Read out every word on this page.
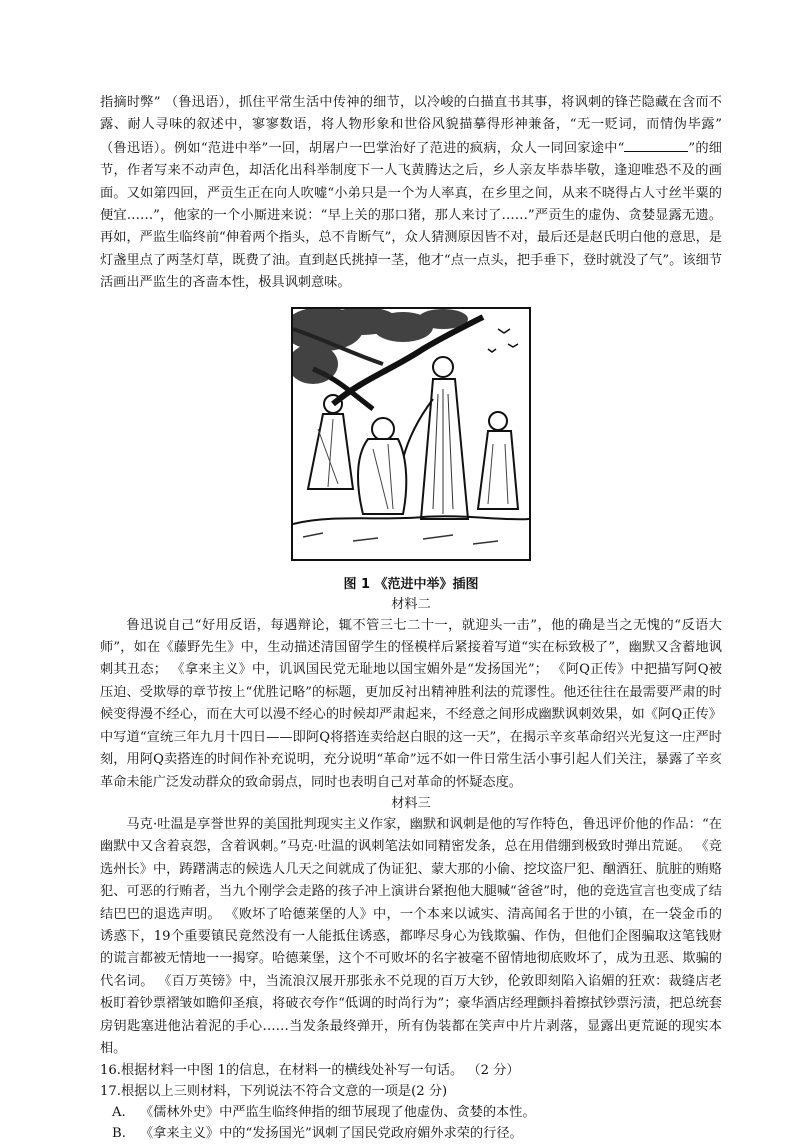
指摘时弊” （鲁迅语），抓住平常生活中传神的细节，以冷峻的白描直书其事，将讽刺的锋芒隐藏在含而不露、耐人寻味的叙述中，寥寥数语，将人物形象和世俗风貌描摹得形神兼备，“无一贬词，而情伪毕露” （鲁迅语）。例如“范进中举”一回，胡屠户一巴掌治好了范进的疯病，众人一同回家途中“	”的细节，作者写来不动声色，却活化出科举制度下一人飞黄腾达之后，乡人亲友毕恭毕敬，逢迎唯恐不及的画面。又如第四回，严贡生正在向人吹嘘“小弟只是一个为人率真，在乡里之间，从来不晓得占人寸丝半粟的便宜……”，他家的一个小厮进来说：“早上关的那口猪，那人来讨了……”严贡生的虚伪、贪婪显露无遗。再如，严监生临终前“伸着两个指头，总不肯断气”，众人猜测原因皆不对，最后还是赵氏明白他的意思，是灯盏里点了两茎灯草，既费了油。直到赵氏挑掉一茎，他才“点一点头，把手垂下，登时就没了气”。该细节活画出严监生的吝啬本性，极具讽刺意味。

图 1 《范进中举》插图
材料二

鲁迅说自己“好用反语，每遇辩论，辄不管三七二十一，就迎头一击”，他的确是当之无愧的“反语大师”，如在《藤野先生》中，生动描述清国留学生的怪模样后紧接着写道“实在标致极了”，幽默又含蓄地讽刺其丑态； 《拿来主义》中，讥讽国民党无耻地以国宝媚外是“发扬国光”； 《阿Q正传》中把描写阿Q被压迫、受欺辱的章节按上“优胜记略”的标题，更加反衬出精神胜利法的荒谬性。他还往往在最需要严肃的时候变得漫不经心，而在大可以漫不经心的时候却严肃起来，不经意之间形成幽默讽刺效果，如《阿Q正传》中写道“宣统三年九月十四日——即阿Q将搭连卖给赵白眼的这一天”，在揭示辛亥革命绍兴光复这一庄严时刻，用阿Q卖搭连的时间作补充说明，充分说明“革命”远不如一件日常生活小事引起人们关注，暴露了辛亥革命未能广泛发动群众的致命弱点，同时也表明自己对革命的怀疑态度。

材料三

马克·吐温是享誉世界的美国批判现实主义作家，幽默和讽刺是他的写作特色，鲁迅评价他的作品：“在幽默中又含着哀怨，含着讽刺。”马克·吐温的讽刺笔法如同精密发条，总在用借绷到极致时弹出荒诞。 《竞选州长》中，踌躇满志的候选人几天之间就成了伪证犯、蒙大那的小偷、挖坟盗尸犯、酗酒狂、肮脏的贿赂犯、可恶的行贿者，当九个刚学会走路的孩子冲上演讲台紧抱他大腿喊“爸爸”时，他的竞选宣言也变成了结结巴巴的退选声明。 《败坏了哈德莱堡的人》中，一个本来以诚实、清高闻名于世的小镇，在一袋金币的诱惑下，19个重要镇民竟然没有一人能抵住诱惑，都哗尽身心为钱欺骗、作伪，但他们企图骗取这笔钱财的谎言都被无情地一一揭穿。哈德莱堡，这个不可败坏的名字被毫不留情地彻底败坏了，成为丑恶、欺骗的代名词。 《百万英镑》中，当流浪汉展开那张永不兑现的百万大钞，伦敦即刻陷入谄媚的狂欢：裁缝店老板盯着钞票褶皱如瞻仰圣痕，将破衣夸作“低调的时尚行为”；豪华酒店经理颤抖着擦拭钞票污渍，把总统套房钥匙塞进他沾着泥的手心……当发条最终弹开，所有伪装都在笑声中片片剥落，显露出更荒诞的现实本相。

16.根据材料一中图 1的信息，在材料一的横线处补写一句话。 （2 分）
17.根据以上三则材料，下列说法不符合文意的一项是(2 分)
A. 《儒林外史》中严监生临终伸指的细节展现了他虚伪、贪婪的本性。
B. 《拿来主义》中的“发扬国光”讽刺了国民党政府媚外求荣的行径。
